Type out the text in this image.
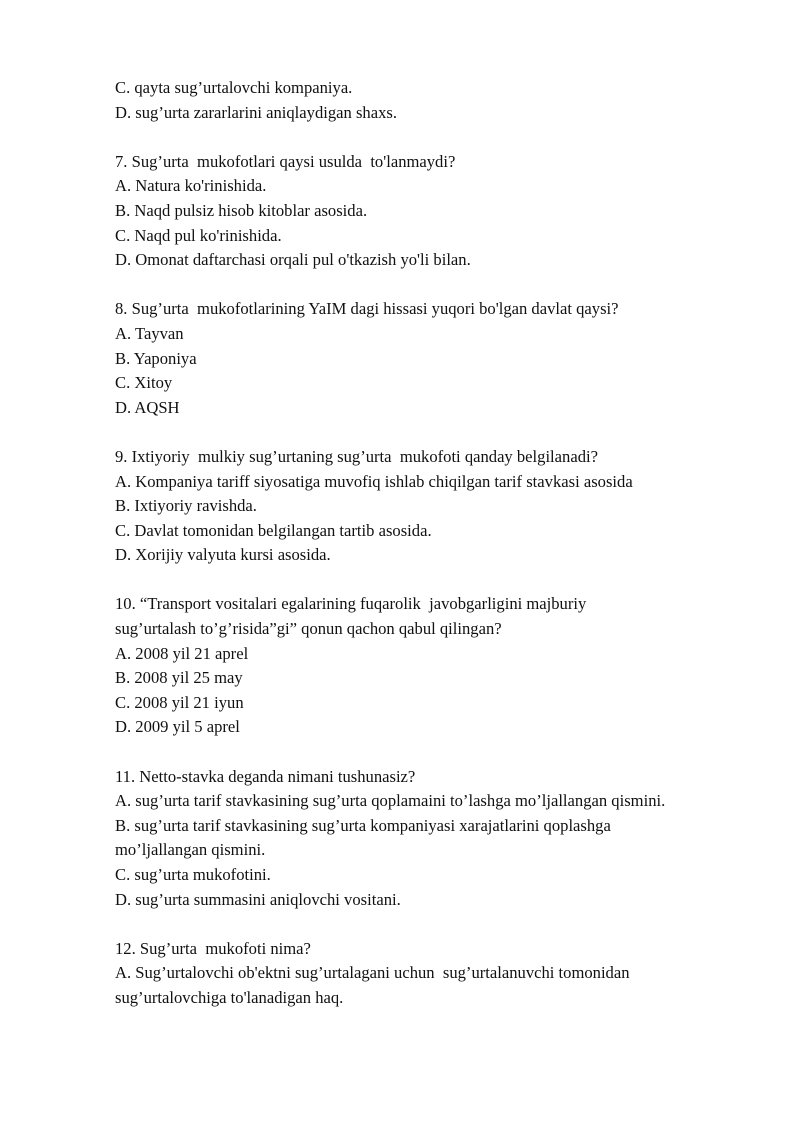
C. qayta sug’urtalovchi kompaniya.
D. sug’urta zararlarini aniqlaydigan shaxs.
7. Sug’urta  mukofotlari qaysi usulda  to'lanmaydi?
A. Natura ko'rinishida.
B. Naqd pulsiz hisob kitoblar asosida.
C. Naqd pul ko'rinishida.
D. Omonat daftarchasi orqali pul o'tkazish yo'li bilan.
8. Sug’urta  mukofotlarining YaIM dagi hissasi yuqori bo'lgan davlat qaysi?
A. Tayvan
B. Yaponiya
C. Xitoy
D. AQSH
9. Ixtiyoriy  mulkiy sug’urtaning sug’urta  mukofoti qanday belgilanadi?
A. Kompaniya tariff siyosatiga muvofiq ishlab chiqilgan tarif stavkasi asosida
B. Ixtiyoriy ravishda.
C. Davlat tomonidan belgilangan tartib asosida.
D. Xorijiy valyuta kursi asosida.
10. “Transport vositalari egalarining fuqarolik  javobgarligini majburiy
sug’urtalash to’g’risida”gi” qonun qachon qabul qilingan?
A. 2008 yil 21 aprel
B. 2008 yil 25 may
C. 2008 yil 21 iyun
D. 2009 yil 5 aprel
11. Netto-stavka deganda nimani tushunasiz?
A. sug’urta tarif stavkasining sug’urta qoplamaini to’lashga mo’ljallangan qismini.
B. sug’urta tarif stavkasining sug’urta kompaniyasi xarajatlarini qoplashga
mo’ljallangan qismini.
C. sug’urta mukofotini.
D. sug’urta summasini aniqlovchi vositani.
12. Sug’urta  mukofoti nima?
A. Sug’urtalovchi ob'ektni sug’urtalagani uchun  sug’urtalanuvchi tomonidan
sug’urtalovchiga to'lanadigan haq.
